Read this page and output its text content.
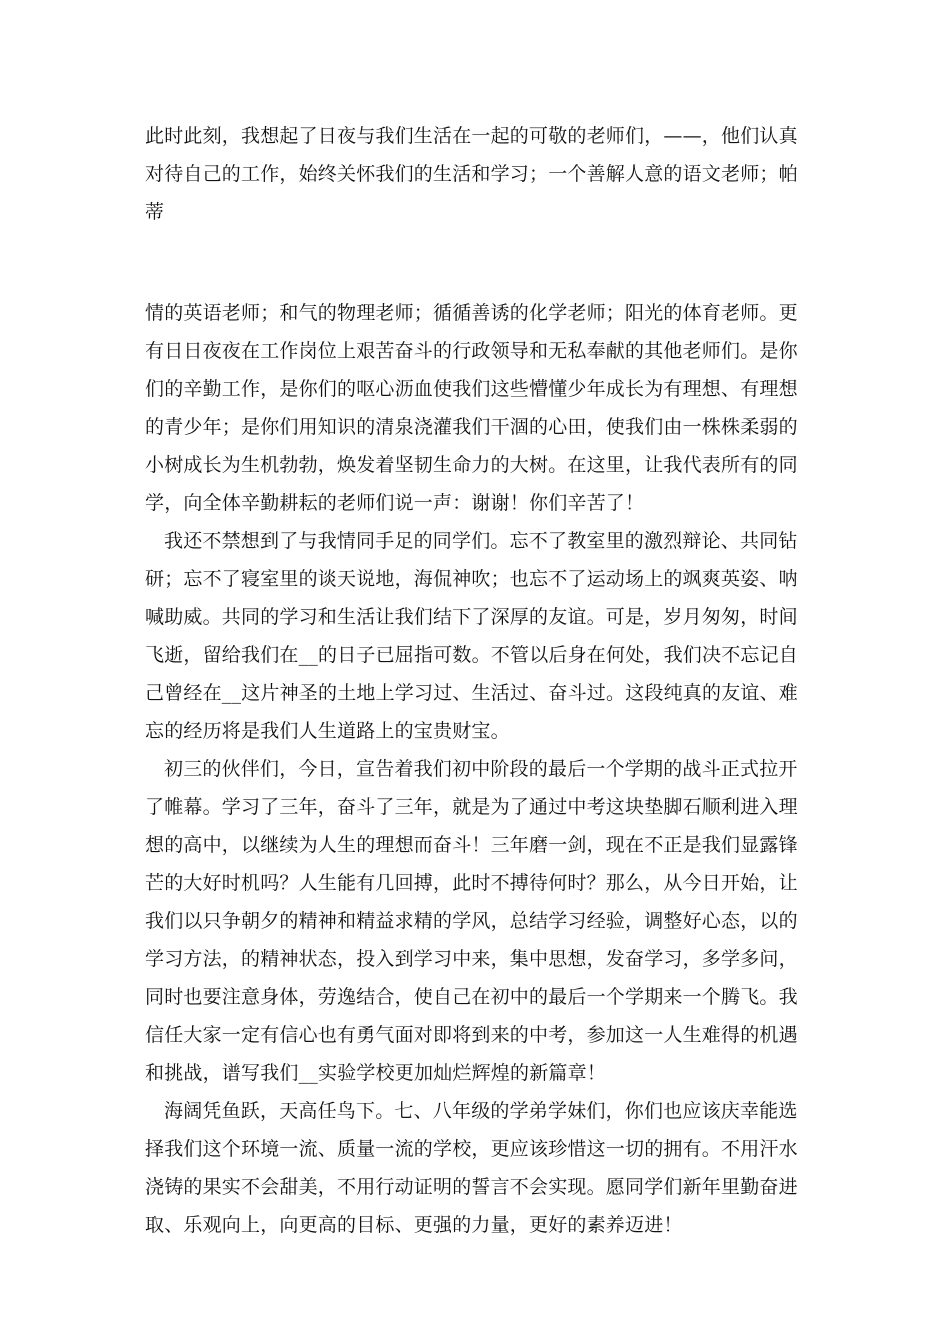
此时此刻，我想起了日夜与我们生活在一起的可敬的老师们，——，他们认真
对待自己的工作，始终关怀我们的生活和学习；一个善解人意的语文老师；帕
蒂
情的英语老师；和气的物理老师；循循善诱的化学老师；阳光的体育老师。更
有日日夜夜在工作岗位上艰苦奋斗的行政领导和无私奉献的其他老师们。是你
们的辛勤工作，是你们的呕心沥血使我们这些懵懂少年成长为有理想、有理想
的青少年；是你们用知识的清泉浇灌我们干涸的心田，使我们由一株株柔弱的
小树成长为生机勃勃，焕发着坚韧生命力的大树。在这里，让我代表所有的同
学，向全体辛勤耕耘的老师们说一声：谢谢！你们辛苦了！
我还不禁想到了与我情同手足的同学们。忘不了教室里的激烈辩论、共同钻
研；忘不了寝室里的谈天说地，海侃神吹；也忘不了运动场上的飒爽英姿、呐
喊助威。共同的学习和生活让我们结下了深厚的友谊。可是，岁月匆匆，时间
飞逝，留给我们在__的日子已屈指可数。不管以后身在何处，我们决不忘记自
己曾经在__这片神圣的土地上学习过、生活过、奋斗过。这段纯真的友谊、难
忘的经历将是我们人生道路上的宝贵财宝。
初三的伙伴们，今日，宣告着我们初中阶段的最后一个学期的战斗正式拉开
了帷幕。学习了三年，奋斗了三年，就是为了通过中考这块垫脚石顺利进入理
想的高中，以继续为人生的理想而奋斗！三年磨一剑，现在不正是我们显露锋
芒的大好时机吗？人生能有几回搏，此时不搏待何时？那么，从今日开始，让
我们以只争朝夕的精神和精益求精的学风，总结学习经验，调整好心态，以的
学习方法，的精神状态，投入到学习中来，集中思想，发奋学习，多学多问，
同时也要注意身体，劳逸结合，使自己在初中的最后一个学期来一个腾飞。我
信任大家一定有信心也有勇气面对即将到来的中考，参加这一人生难得的机遇
和挑战，谱写我们__实验学校更加灿烂辉煌的新篇章！
海阔凭鱼跃，天高任鸟下。七、八年级的学弟学妹们，你们也应该庆幸能选
择我们这个环境一流、质量一流的学校，更应该珍惜这一切的拥有。不用汗水
浇铸的果实不会甜美，不用行动证明的誓言不会实现。愿同学们新年里勤奋进
取、乐观向上，向更高的目标、更强的力量，更好的素养迈进！
